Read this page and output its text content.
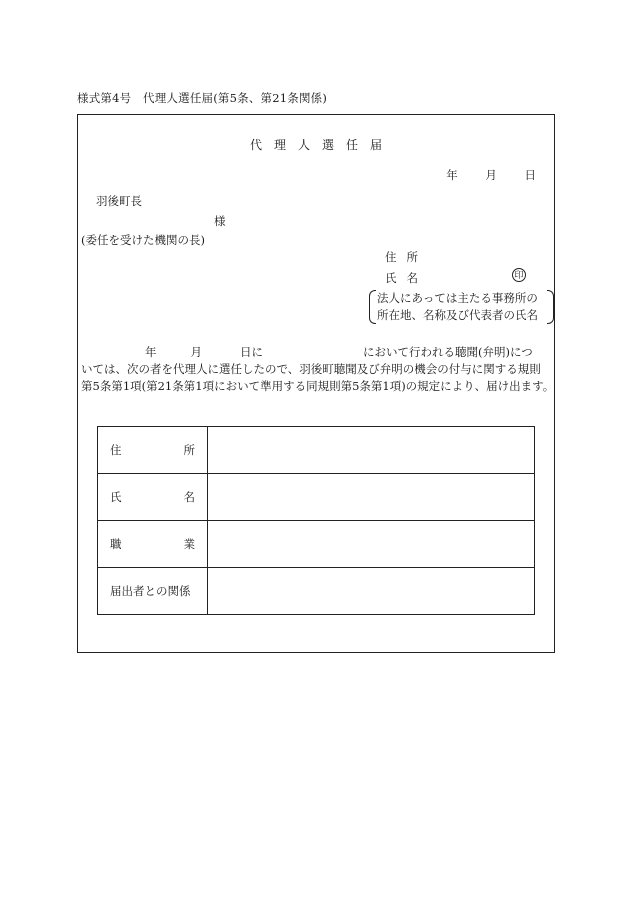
様式第4号　代理人選任届(第5条、第21条関係)
代理人選任届
年 月 日
羽後町長
様
(委任を受けた機関の長)
住所
氏名	印
法人にあっては主たる事務所の
所在地、名称及び代表者の氏名
年	月	日に	において行われる聴聞(弁明)につ
いては、次の者を代理人に選任したので、羽後町聴聞及び弁明の機会の付与に関する規則
第5条第1項(第21条第1項において準用する同規則第5条第1項)の規定により、届け出ます。
住 所	

氏 名	

職 業	

届出者との関係	
